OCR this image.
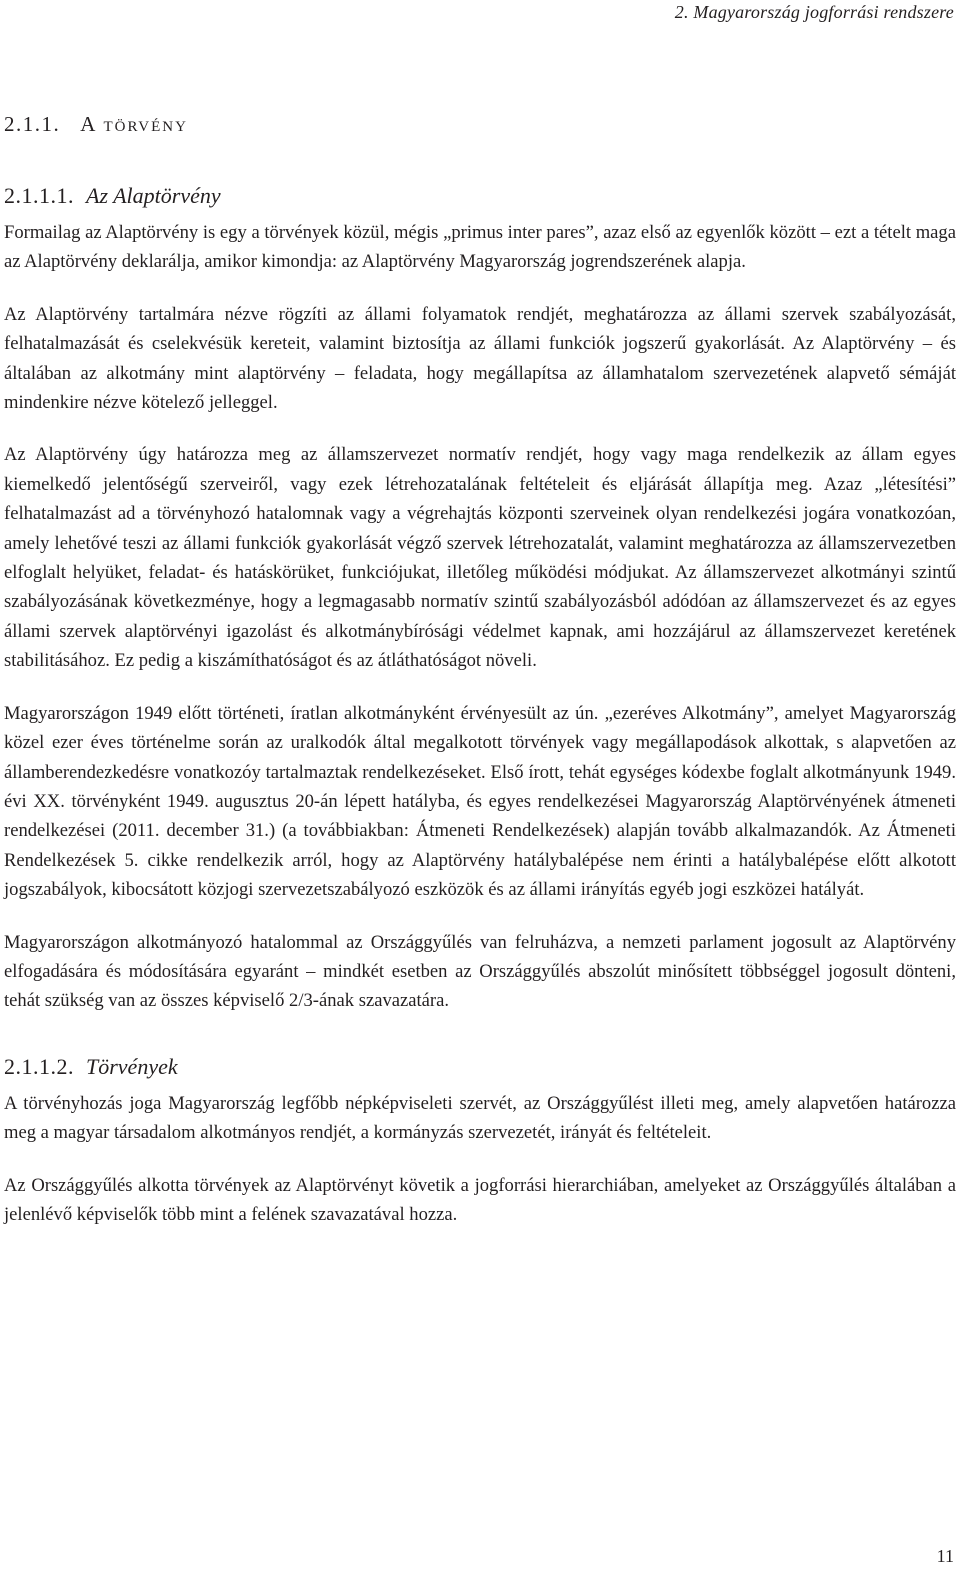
2. Magyarország jogforrási rendszere
2.1.1. A törvény
2.1.1.1. Az Alaptörvény

Formailag az Alaptörvény is egy a törvények közül, mégis „primus inter pares”, azaz első az egyenlők között – ezt a tételt maga az Alaptörvény deklarálja, amikor kimondja: az Alaptörvény Magyarország jogrendszerének alapja.

Az Alaptörvény tartalmára nézve rögzíti az állami folyamatok rendjét, meghatározza az állami szervek szabályozását, felhatalmazását és cselekvésük kereteit, valamint biztosítja az állami funkciók jogszerű gyakorlását. Az Alaptörvény – és általában az alkotmány mint alaptörvény – feladata, hogy megállapítsa az államhatalom szervezetének alapvető sémáját mindenkire nézve kötelező jelleggel.

Az Alaptörvény úgy határozza meg az államszervezet normatív rendjét, hogy vagy maga rendelkezik az állam egyes kiemelkedő jelentőségű szerveiről, vagy ezek létrehozatalának feltételeit és eljárását állapítja meg. Azaz „létesítési” felhatalmazást ad a törvényhozó hatalomnak vagy a végrehajtás központi szerveinek olyan rendelkezési jogára vonatkozóan, amely lehetővé teszi az állami funkciók gyakorlását végző szervek létrehozatalát, valamint meghatározza az államszervezetben elfoglalt helyüket, feladat- és hatáskörüket, funkciójukat, illetőleg működési módjukat. Az államszervezet alkotmányi szintű szabályozásának következménye, hogy a legmagasabb normatív szintű szabályozásból adódóan az államszervezet és az egyes állami szervek alaptörvényi igazolást és alkotmánybírósági védelmet kapnak, ami hozzájárul az államszervezet keretének stabilitásához. Ez pedig a kiszámíthatóságot és az átláthatóságot növeli.

Magyarországon 1949 előtt történeti, íratlan alkotmányként érvényesült az ún. „ezeréves Alkotmány”, amelyet Magyarország közel ezer éves történelme során az uralkodók által megalkotott törvények vagy megállapodások alkottak, s alapvetően az államberendezkedésre vonatkozóy tartalmaztak rendelkezéseket. Első írott, tehát egységes kódexbe foglalt alkotmányunk 1949. évi XX. törvényként 1949. augusztus 20-án lépett hatályba, és egyes rendelkezései Magyarország Alaptörvényének átmeneti rendelkezései (2011. december 31.) (a továbbiakban: Átmeneti Rendelkezések) alapján tovább alkalmazandók. Az Átmeneti Rendelkezések 5. cikke rendelkezik arról, hogy az Alaptörvény hatálybalépése nem érinti a hatálybalépése előtt alkotott jogszabályok, kibocsátott közjogi szervezetszabályozó eszközök és az állami irányítás egyéb jogi eszközei hatályát.

Magyarországon alkotmányozó hatalommal az Országgyűlés van felruházva, a nemzeti parlament jogosult az Alaptörvény elfogadására és módosítására egyaránt – mindkét esetben az Országgyűlés abszolút minősített többséggel jogosult dönteni, tehát szükség van az összes képviselő 2/3-ának szavazatára.

2.1.1.2. Törvények

A törvényhozás joga Magyarország legfőbb népképviseleti szervét, az Országgyűlést illeti meg, amely alapvetően határozza meg a magyar társadalom alkotmányos rendjét, a kormányzás szervezetét, irányát és feltételeit.

Az Országgyűlés alkotta törvények az Alaptörvényt követik a jogforrási hierarchiában, amelyeket az Országgyűlés általában a jelenlévő képviselők több mint a felének szavazatával hozza.

11
